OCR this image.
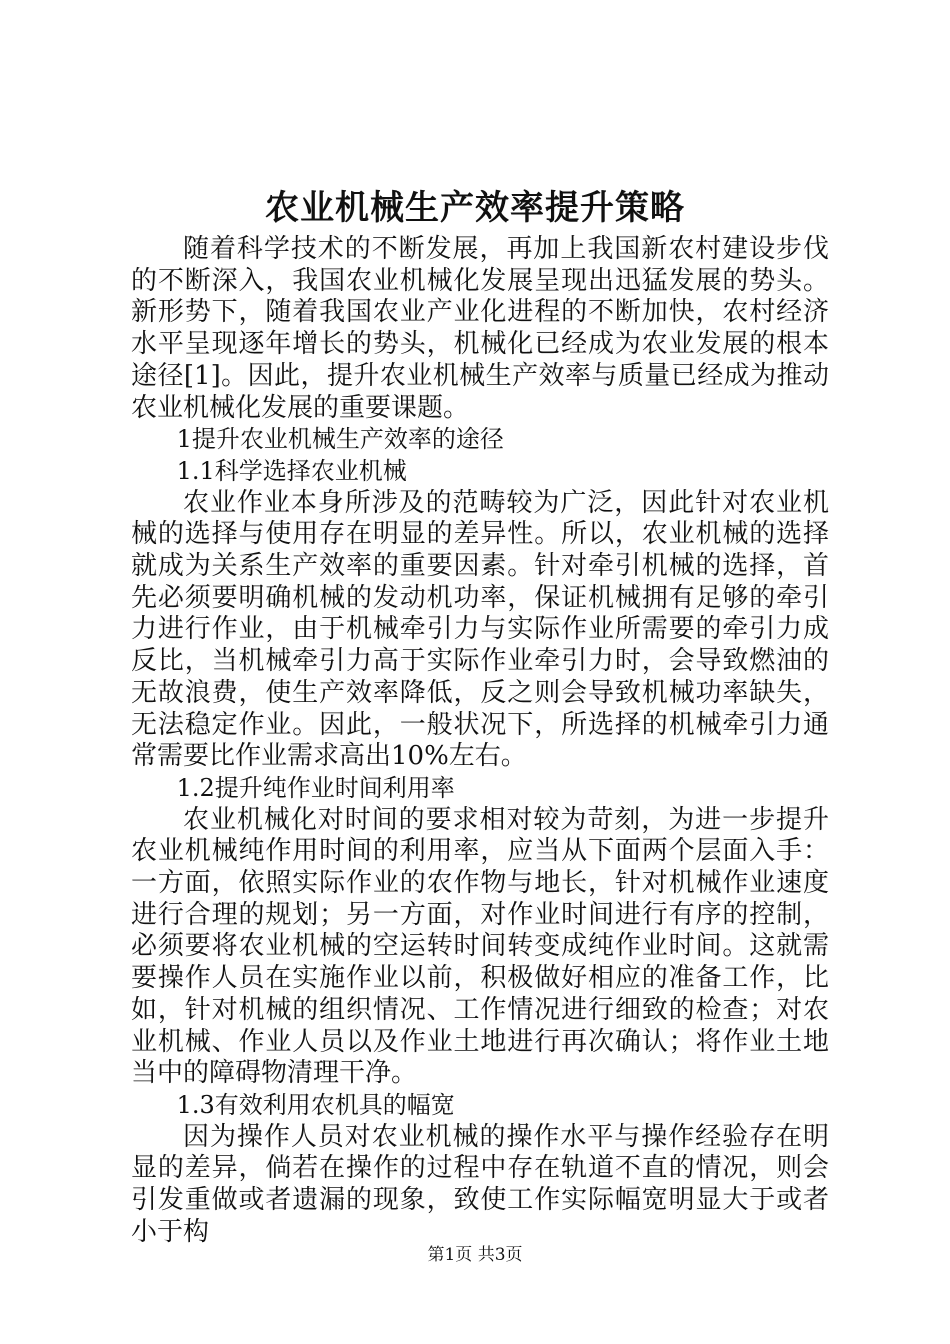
农业机械生产效率提升策略

随着科学技术的不断发展，再加上我国新农村建设步伐的不断深入，我国农业机械化发展呈现出迅猛发展的势头。新形势下，随着我国农业产业化进程的不断加快，农村经济水平呈现逐年增长的势头，机械化已经成为农业发展的根本途径[1]。因此，提升农业机械生产效率与质量已经成为推动农业机械化发展的重要课题。

1提升农业机械生产效率的途径

1.1科学选择农业机械

农业作业本身所涉及的范畴较为广泛，因此针对农业机械的选择与使用存在明显的差异性。所以，农业机械的选择就成为关系生产效率的重要因素。针对牵引机械的选择，首先必须要明确机械的发动机功率，保证机械拥有足够的牵引力进行作业，由于机械牵引力与实际作业所需要的牵引力成反比，当机械牵引力高于实际作业牵引力时，会导致燃油的无故浪费，使生产效率降低，反之则会导致机械功率缺失，无法稳定作业。因此，一般状况下，所选择的机械牵引力通常需要比作业需求高出10%左右。

1.2提升纯作业时间利用率

农业机械化对时间的要求相对较为苛刻，为进一步提升农业机械纯作用时间的利用率，应当从下面两个层面入手：一方面，依照实际作业的农作物与地长，针对机械作业速度进行合理的规划；另一方面，对作业时间进行有序的控制，必须要将农业机械的空运转时间转变成纯作业时间。这就需要操作人员在实施作业以前，积极做好相应的准备工作，比如，针对机械的组织情况、工作情况进行细致的检查；对农业机械、作业人员以及作业土地进行再次确认；将作业土地当中的障碍物清理干净。

1.3有效利用农机具的幅宽

因为操作人员对农业机械的操作水平与操作经验存在明显的差异，倘若在操作的过程中存在轨道不直的情况，则会引发重做或者遗漏的现象，致使工作实际幅宽明显大于或者小于构

第1页 共3页
